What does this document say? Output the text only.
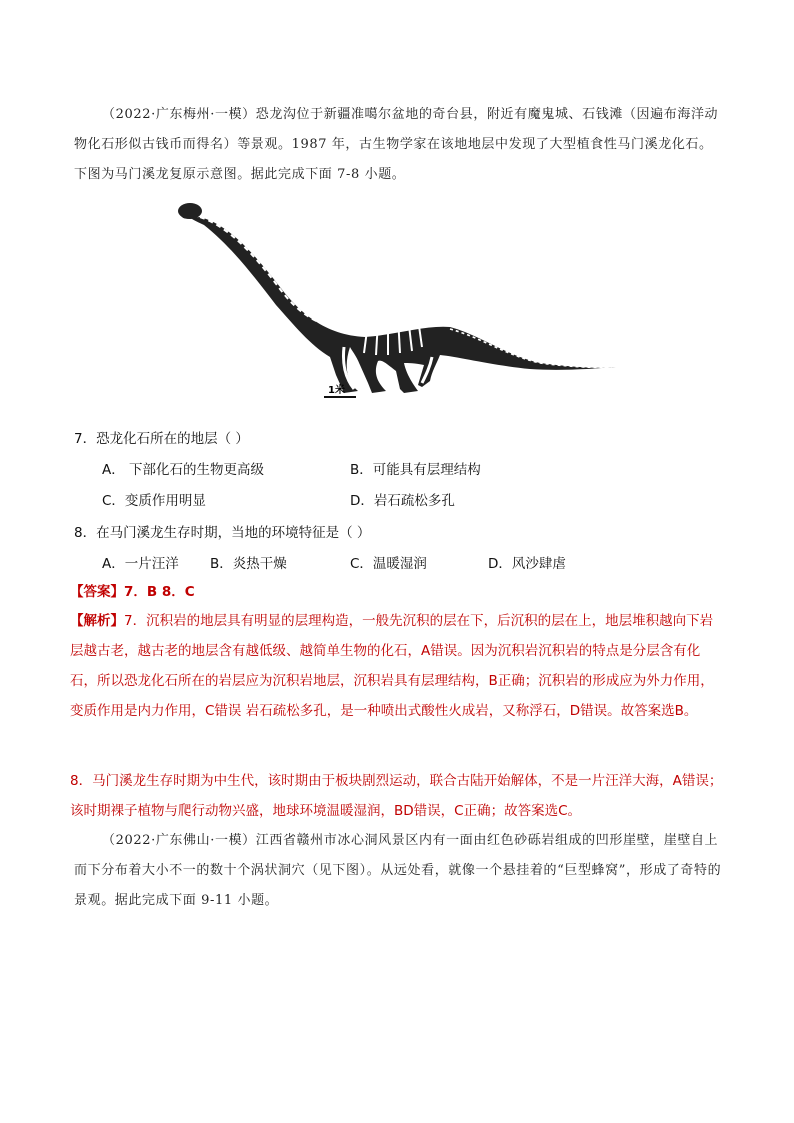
（2022·广东梅州·一模）恐龙沟位于新疆准噶尔盆地的奇台县，附近有魔鬼城、石钱滩（因遍布海洋动物化石形似古钱币而得名）等景观。1987 年，古生物学家在该地地层中发现了大型植食性马门溪龙化石。下图为马门溪龙复原示意图。据此完成下面 7-8 小题。

1米
7．恐龙化石所在的地层（ ）
A． 下部化石的生物更高级	B．可能具有层理结构
C．变质作用明显	D．岩石疏松多孔
8．在马门溪龙生存时期，当地的环境特征是（ ）
A．一片汪洋 B．炎热干燥	C．温暖湿润	D．风沙肆虐
【答案】7．B 8．C

【解析】7．沉积岩的地层具有明显的层理构造，一般先沉积的层在下，后沉积的层在上，地层堆积越向下岩层越古老，越古老的地层含有越低级、越简单生物的化石，A错误。因为沉积岩沉积岩的特点是分层含有化石，所以恐龙化石所在的岩层应为沉积岩地层，沉积岩具有层理结构，B正确；沉积岩的形成应为外力作用，变质作用是内力作用，C错误 岩石疏松多孔，是一种喷出式酸性火成岩，又称浮石，D错误。故答案选B。

8．马门溪龙生存时期为中生代，该时期由于板块剧烈运动，联合古陆开始解体，不是一片汪洋大海，A错误；该时期裸子植物与爬行动物兴盛，地球环境温暖湿润，BD错误，C正确；故答案选C。

（2022·广东佛山·一模）江西省赣州市冰心洞风景区内有一面由红色砂砾岩组成的凹形崖壁，崖壁自上而下分布着大小不一的数十个涡状洞穴（见下图）。从远处看，就像一个悬挂着的“巨型蜂窝”，形成了奇特的景观。据此完成下面 9-11 小题。
